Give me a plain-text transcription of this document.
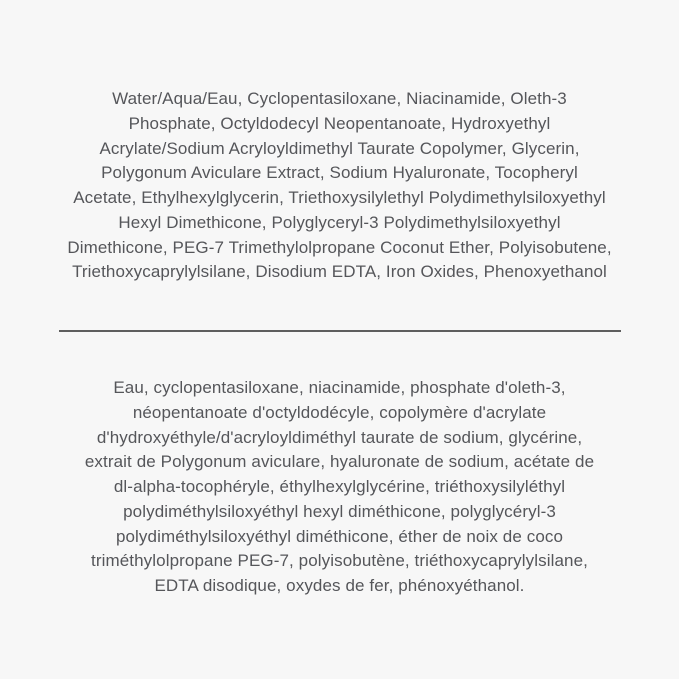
Water/Aqua/Eau, Cyclopentasiloxane, Niacinamide, Oleth-3
Phosphate, Octyldodecyl Neopentanoate, Hydroxyethyl
Acrylate/Sodium Acryloyldimethyl Taurate Copolymer, Glycerin,
Polygonum Aviculare Extract, Sodium Hyaluronate, Tocopheryl
Acetate, Ethylhexylglycerin, Triethoxysilylethyl Polydimethylsiloxyethyl
Hexyl Dimethicone, Polyglyceryl-3 Polydimethylsiloxyethyl
Dimethicone, PEG-7 Trimethylolpropane Coconut Ether, Polyisobutene,
Triethoxycaprylylsilane, Disodium EDTA, Iron Oxides, Phenoxyethanol
Eau, cyclopentasiloxane, niacinamide, phosphate d'oleth-3,
néopentanoate d'octyldodécyle, copolymère d'acrylate
d'hydroxyéthyle/d'acryloyldiméthyl taurate de sodium, glycérine,
extrait de Polygonum aviculare, hyaluronate de sodium, acétate de
dl-alpha-tocophéryle, éthylhexylglycérine, triéthoxysilyléthyl
polydiméthylsiloxyéthyl hexyl diméthicone, polyglycéryl-3
polydiméthylsiloxyéthyl diméthicone, éther de noix de coco
triméthylolpropane PEG-7, polyisobutène, triéthoxycaprylylsilane,
EDTA disodique, oxydes de fer, phénoxyéthanol.
